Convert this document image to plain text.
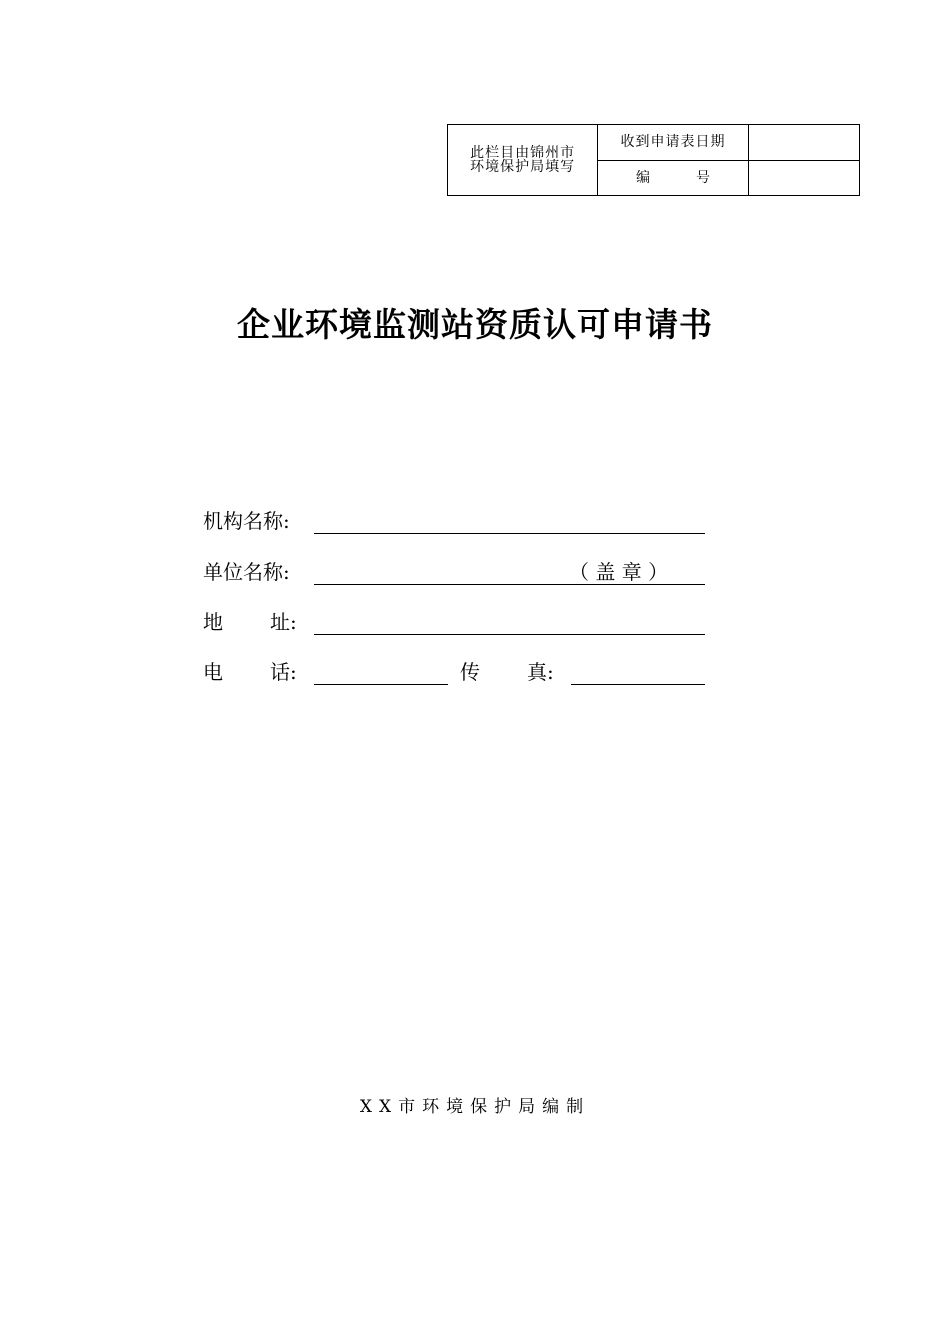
此栏目由锦州市
环境保护局填写	收到申请表日期	
	编 号	
企业环境监测站资质认可申请书
机构名称:
单位名称:	（ 盖 章 ）
地 址:
电 话:	传 真:
XX市环境保护局编制
